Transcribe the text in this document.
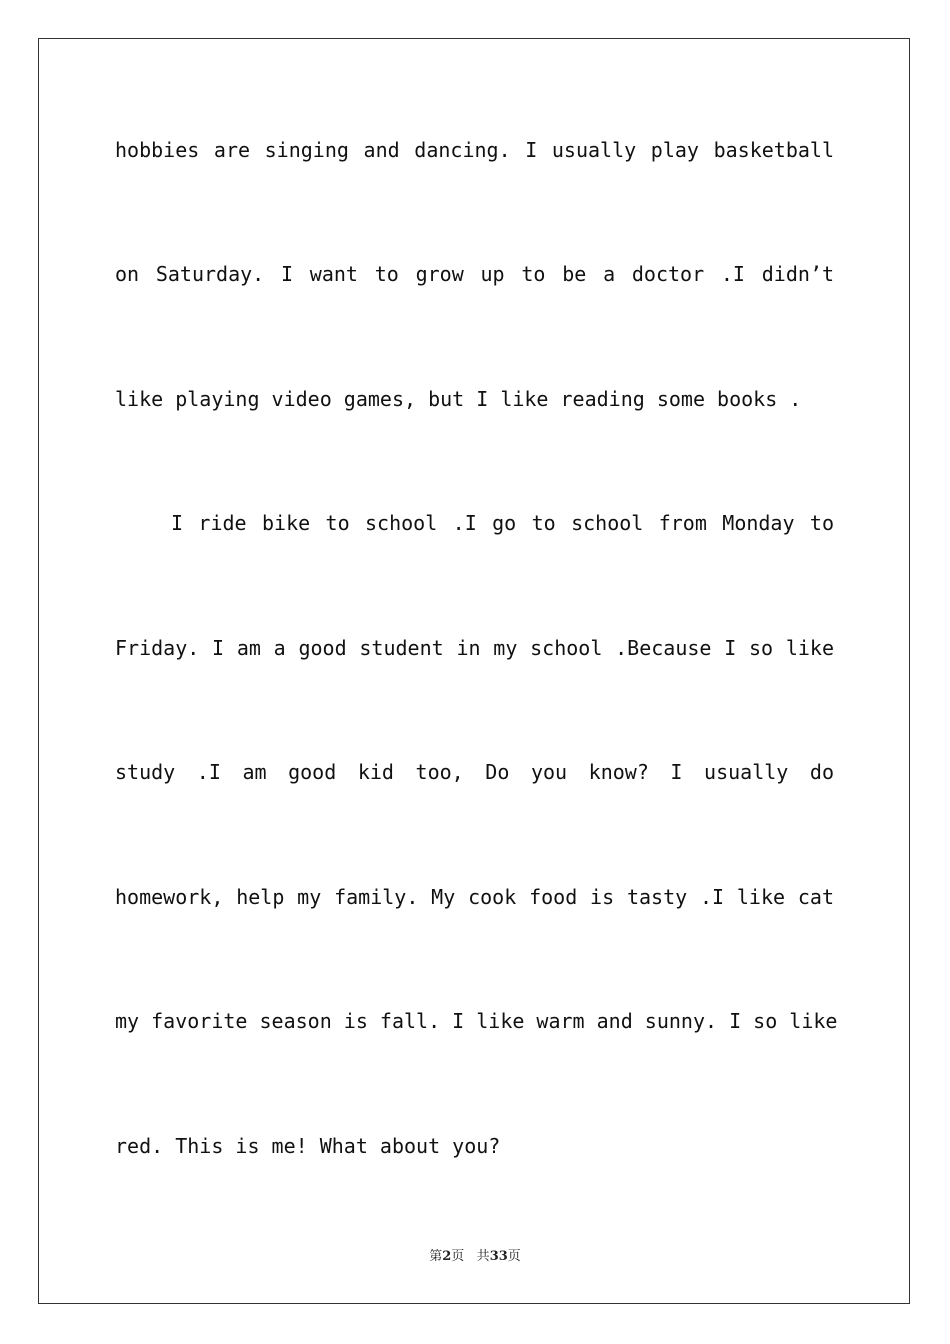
hobbies are singing and dancing. I usually play basketball
on Saturday. I want to grow up to be a doctor .I didn’t
like playing video games, but I like reading some books .
I ride bike to school .I go to school from Monday to
Friday. I am a good student in my school .Because I so like
study .I am good kid too, Do you know? I usually do
homework, help my family. My cook food is tasty .I like cat
my favorite season is fall. I like warm and sunny. I so like
red. This is me! What about you?
第2页 共33页
